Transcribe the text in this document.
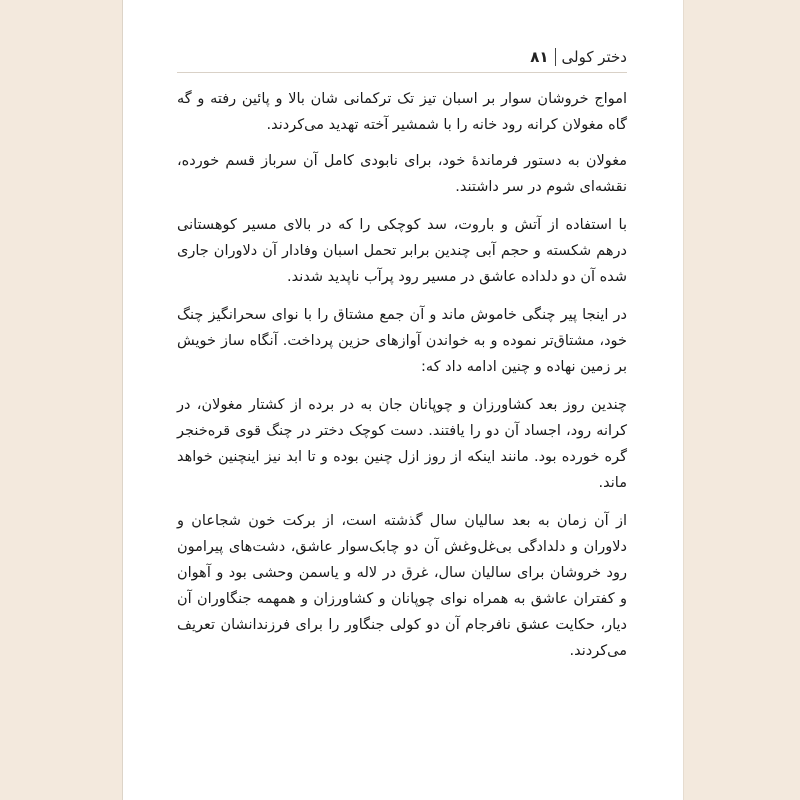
دختر کولی
۸۱

امواج خروشان سوار بر اسبان تیز تک ترکمانی شان بالا و پائین رفته و گه گاه مغولان کرانه رود خانه را با شمشیر آخته تهدید می‌کردند.

مغولان به دستور فرماندهٔ خود، برای نابودی کامل آن سرباز قسم خورده، نقشه‌ای شوم در سر داشتند.

با استفاده از آتش و باروت، سد کوچکی را که در بالای مسیر کوهستانی درهم شکسته و حجم آبی چندین برابر تحمل اسبان وفادار آن دلاوران جاری شده آن دو دلداده عاشق در مسیر رود پرآب ناپدید شدند.

در اینجا پیر چنگی خاموش ماند و آن جمع مشتاق را با نوای سحرانگیز چنگ خود، مشتاق‌تر نموده و به خواندن آوازهای حزین پرداخت. آنگاه ساز خویش بر زمین نهاده و چنین ادامه داد که:

چندین روز بعد کشاورزان و چوپانان جان به در برده از کشتار مغولان، در کرانه رود، اجساد آن دو را یافتند. دست کوچک دختر در چنگ قوی قره‌خنجر گره خورده بود. مانند اینکه از روز ازل چنین بوده و تا ابد نیز اینچنین خواهد ماند.

از آن زمان به بعد سالیان سال گذشته است، از برکت خون شجاعان و دلاوران و دلدادگی بی‌غل‌وغش آن دو چابک‌سوار عاشق، دشت‌های پیرامون رود خروشان برای سالیان سال، غرق در لاله و یاسمن وحشی بود و آهوان و کفتران عاشق به همراه نوای چوپانان و کشاورزان و همهمه جنگاوران آن دیار، حکایت عشق نافرجام آن دو کولی جنگاور را برای فرزندانشان تعریف می‌کردند.
